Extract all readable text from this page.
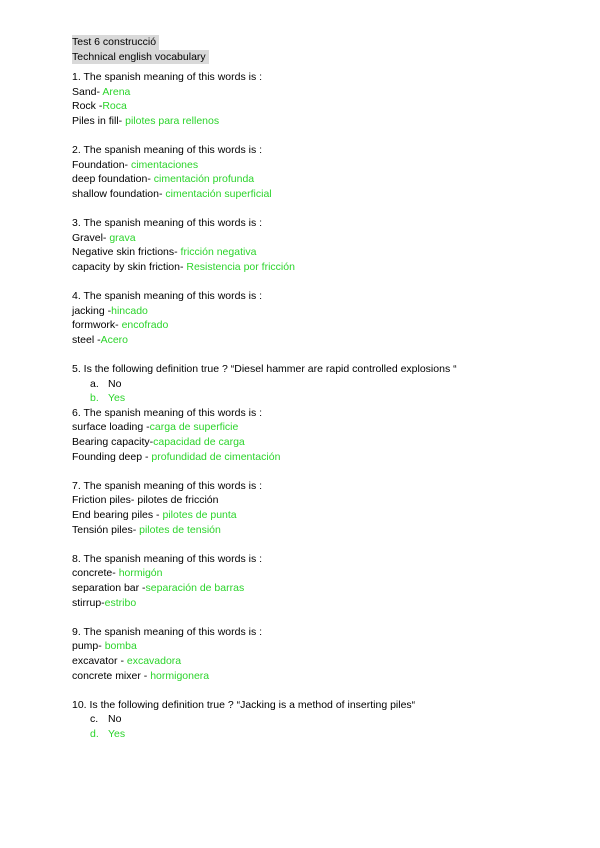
Test 6 construcció
Technical english vocabulary
1. The spanish meaning of this words is :
Sand- Arena
Rock -Roca
Piles in fill- pilotes para rellenos
2. The spanish meaning of this words is :
Foundation- cimentaciones
deep foundation- cimentación profunda
shallow foundation- cimentación superficial
3. The spanish meaning of this words is :
Gravel- grava
Negative skin frictions- fricción negativa
capacity by skin friction- Resistencia por fricción
4. The spanish meaning of this words is :
jacking -hincado
formwork- encofrado
steel -Acero
5. Is the following definition true ? “Diesel hammer are rapid controlled explosions “
a. No
b. Yes
6. The spanish meaning of this words is :
surface loading -carga de superficie
Bearing capacity-capacidad de carga
Founding deep - profundidad de cimentación
7. The spanish meaning of this words is :
Friction piles- pilotes de fricción
End bearing piles - pilotes de punta
Tensión piles- pilotes de tensión
8. The spanish meaning of this words is :
concrete- hormigón
separation bar -separación de barras
stirrup-estribo
9. The spanish meaning of this words is :
pump- bomba
excavator - excavadora
concrete mixer - hormigonera
10. Is the following definition true ? “Jacking is a method of inserting piles“
c. No
d. Yes
